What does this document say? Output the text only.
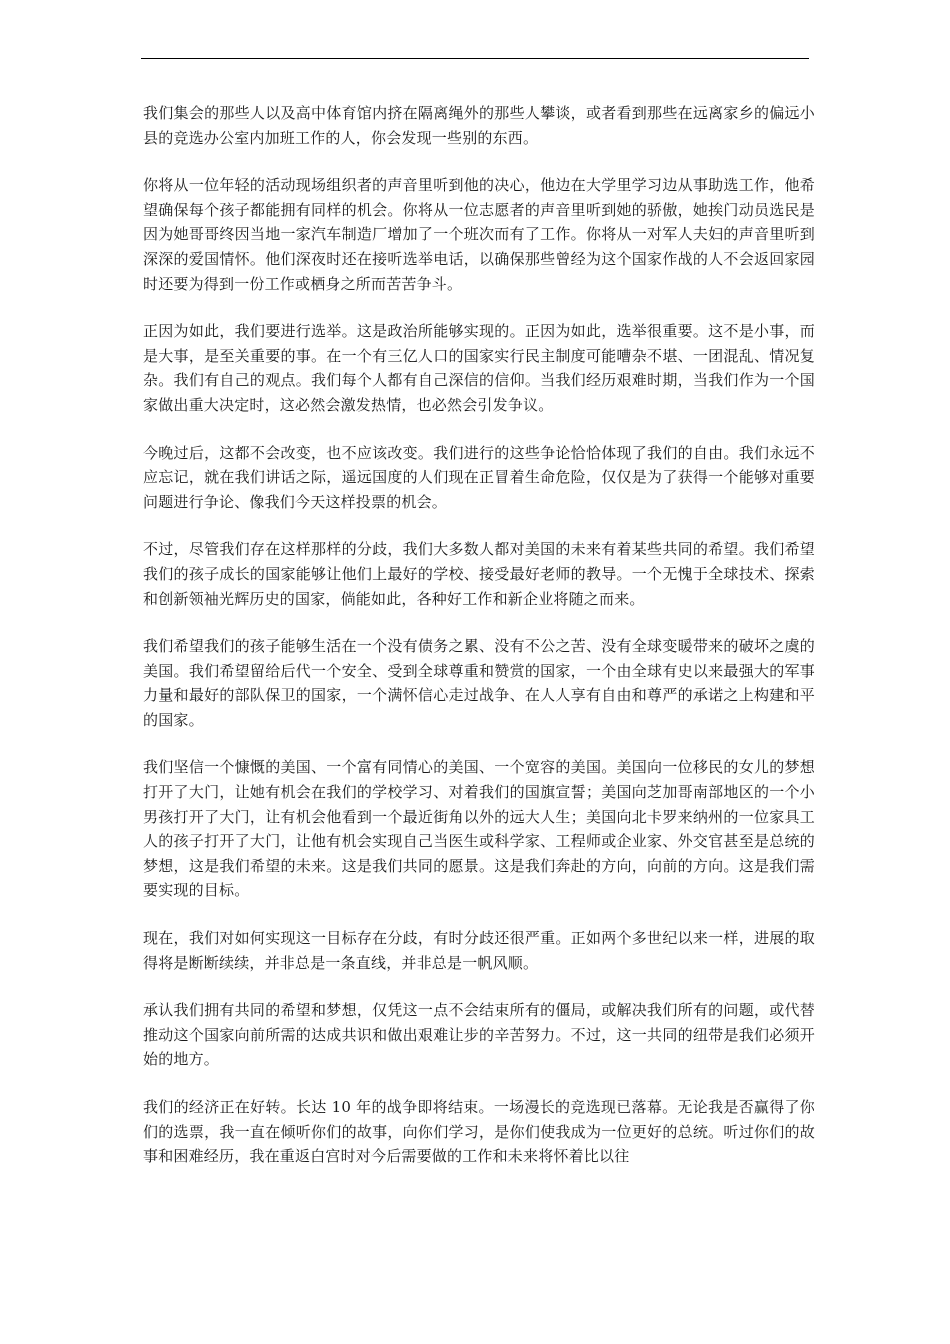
我们集会的那些人以及高中体育馆内挤在隔离绳外的那些人攀谈，或者看到那些在远离家乡的偏远小县的竞选办公室内加班工作的人，你会发现一些别的东西。

你将从一位年轻的活动现场组织者的声音里听到他的决心，他边在大学里学习边从事助选工作，他希望确保每个孩子都能拥有同样的机会。你将从一位志愿者的声音里听到她的骄傲，她挨门动员选民是因为她哥哥终因当地一家汽车制造厂增加了一个班次而有了工作。你将从一对军人夫妇的声音里听到深深的爱国情怀。他们深夜时还在接听选举电话，以确保那些曾经为这个国家作战的人不会返回家园时还要为得到一份工作或栖身之所而苦苦争斗。

正因为如此，我们要进行选举。这是政治所能够实现的。正因为如此，选举很重要。这不是小事，而是大事，是至关重要的事。在一个有三亿人口的国家实行民主制度可能嘈杂不堪、一团混乱、情况复杂。我们有自己的观点。我们每个人都有自己深信的信仰。当我们经历艰难时期，当我们作为一个国家做出重大决定时，这必然会激发热情，也必然会引发争议。

今晚过后，这都不会改变，也不应该改变。我们进行的这些争论恰恰体现了我们的自由。我们永远不应忘记，就在我们讲话之际，遥远国度的人们现在正冒着生命危险，仅仅是为了获得一个能够对重要问题进行争论、像我们今天这样投票的机会。

不过，尽管我们存在这样那样的分歧，我们大多数人都对美国的未来有着某些共同的希望。我们希望我们的孩子成长的国家能够让他们上最好的学校、接受最好老师的教导。一个无愧于全球技术、探索和创新领袖光辉历史的国家，倘能如此，各种好工作和新企业将随之而来。

我们希望我们的孩子能够生活在一个没有债务之累、没有不公之苦、没有全球变暖带来的破坏之虞的美国。我们希望留给后代一个安全、受到全球尊重和赞赏的国家，一个由全球有史以来最强大的军事力量和最好的部队保卫的国家，一个满怀信心走过战争、在人人享有自由和尊严的承诺之上构建和平的国家。

我们坚信一个慷慨的美国、一个富有同情心的美国、一个宽容的美国。美国向一位移民的女儿的梦想打开了大门，让她有机会在我们的学校学习、对着我们的国旗宣誓；美国向芝加哥南部地区的一个小男孩打开了大门，让有机会他看到一个最近街角以外的远大人生；美国向北卡罗来纳州的一位家具工人的孩子打开了大门，让他有机会实现自己当医生或科学家、工程师或企业家、外交官甚至是总统的梦想，这是我们希望的未来。这是我们共同的愿景。这是我们奔赴的方向，向前的方向。这是我们需要实现的目标。

现在，我们对如何实现这一目标存在分歧，有时分歧还很严重。正如两个多世纪以来一样，进展的取得将是断断续续，并非总是一条直线，并非总是一帆风顺。

承认我们拥有共同的希望和梦想，仅凭这一点不会结束所有的僵局，或解决我们所有的问题，或代替推动这个国家向前所需的达成共识和做出艰难让步的辛苦努力。不过，这一共同的纽带是我们必须开始的地方。

我们的经济正在好转。长达 10 年的战争即将结束。一场漫长的竞选现已落幕。无论我是否赢得了你们的选票，我一直在倾听你们的故事，向你们学习，是你们使我成为一位更好的总统。听过你们的故事和困难经历，我在重返白宫时对今后需要做的工作和未来将怀着比以往
